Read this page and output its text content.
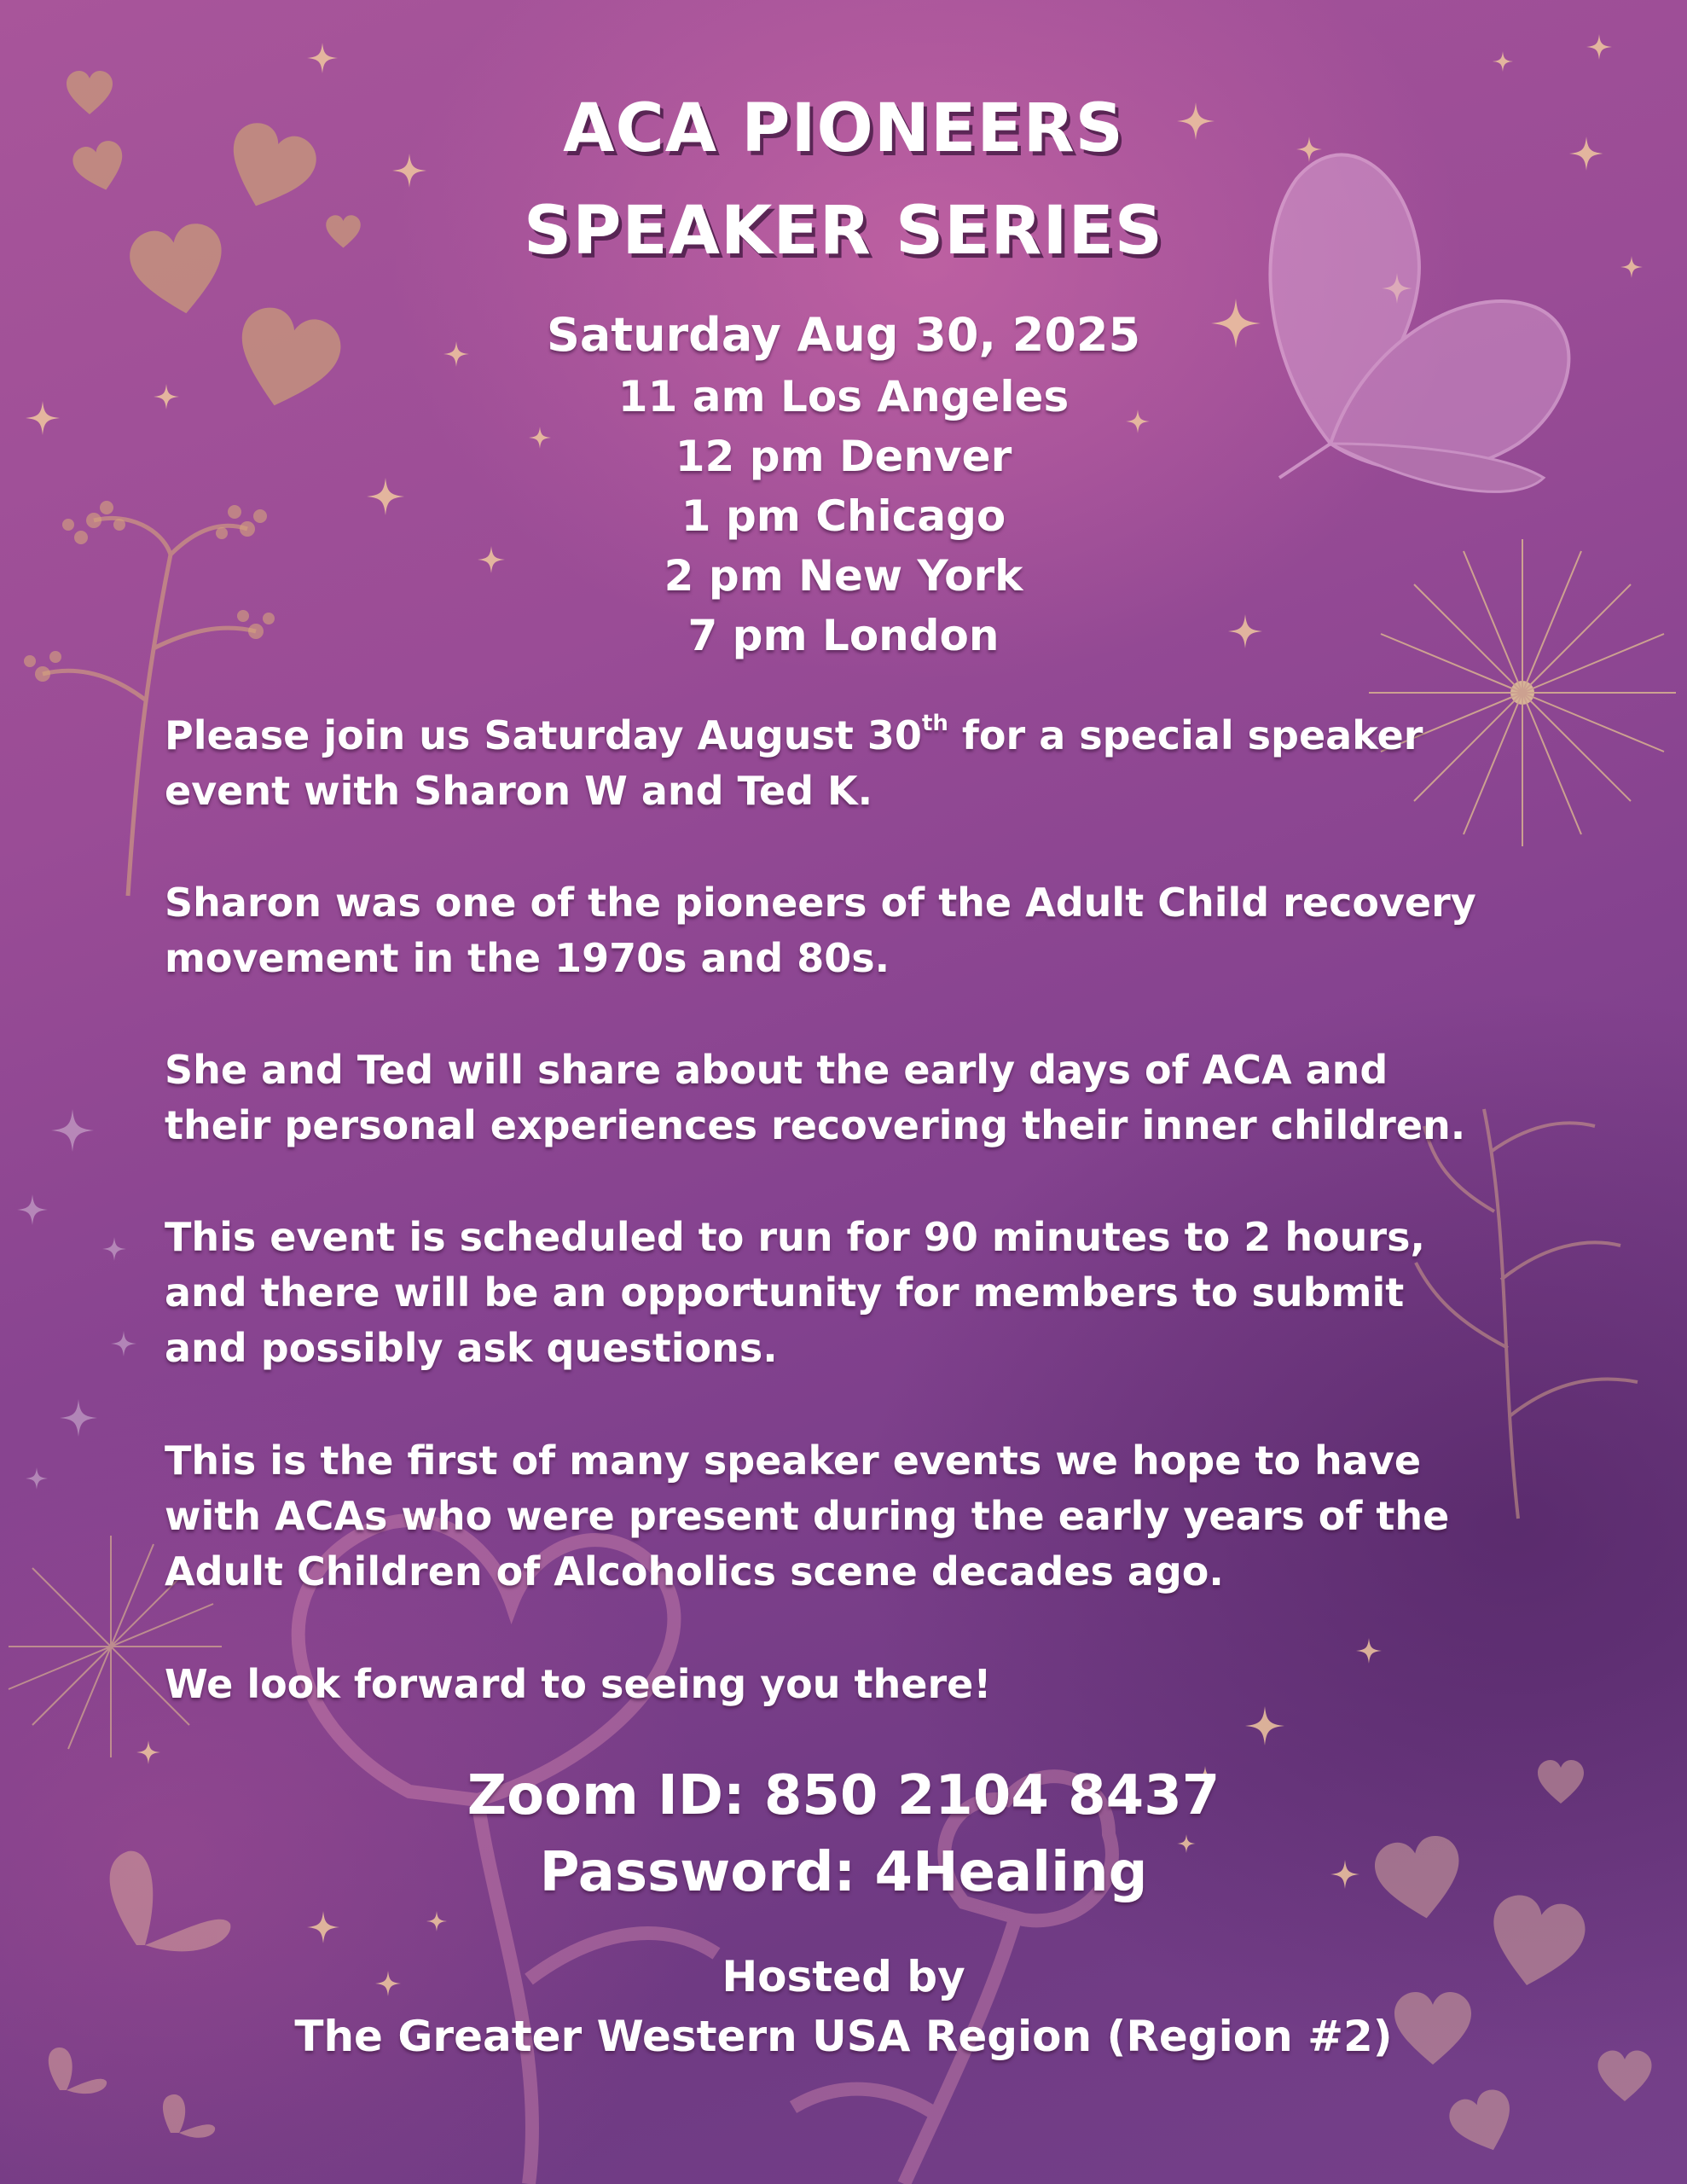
ACA PIONEERS
SPEAKER SERIES
Saturday Aug 30, 2025
11 am Los Angeles
12 pm Denver
1 pm Chicago
2 pm New York
7 pm London

Please join us Saturday August 30th for a special speaker
event with Sharon W and Ted K.

Sharon was one of the pioneers of the Adult Child recovery
movement in the 1970s and 80s.

She and Ted will share about the early days of ACA and
their personal experiences recovering their inner children.

This event is scheduled to run for 90 minutes to 2 hours,
and there will be an opportunity for members to submit
and possibly ask questions.

This is the first of many speaker events we hope to have
with ACAs who were present during the early years of the
Adult Children of Alcoholics scene decades ago.

We look forward to seeing you there!

Zoom ID: 850 2104 8437
Password: 4Healing
Hosted by
The Greater Western USA Region (Region #2)
